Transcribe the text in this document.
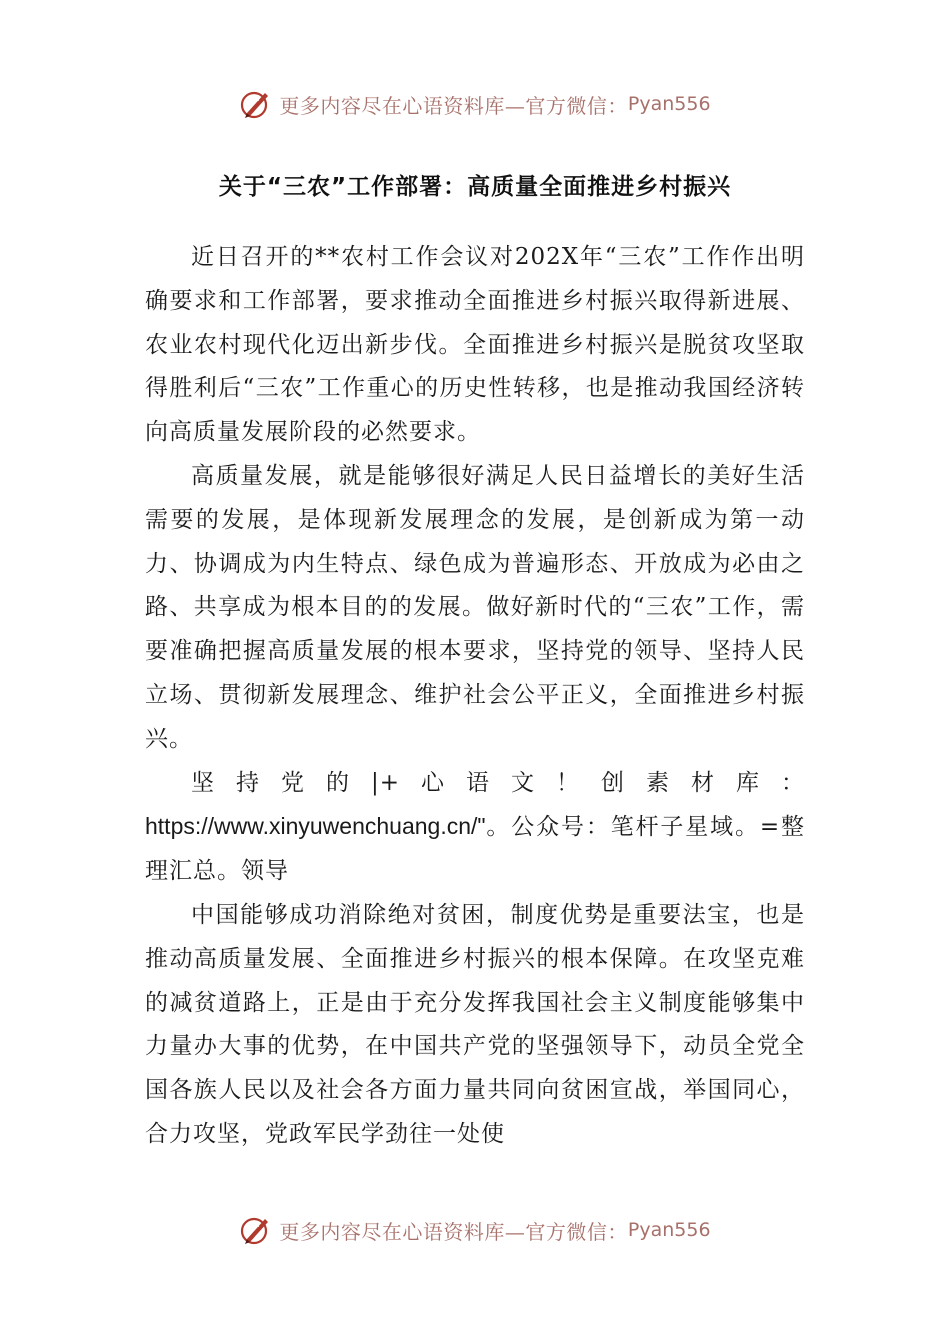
更多内容尽在心语资料库—官方微信： Pyan556
关于“三农”工作部署：高质量全面推进乡村振兴

近日召开的**农村工作会议对202X年“三农”工作作出明确要求和工作部署，要求推动全面推进乡村振兴取得新进展、农业农村现代化迈出新步伐。全面推进乡村振兴是脱贫攻坚取得胜利后“三农”工作重心的历史性转移，也是推动我国经济转向高质量发展阶段的必然要求。

高质量发展，就是能够很好满足人民日益增长的美好生活需要的发展，是体现新发展理念的发展，是创新成为第一动力、协调成为内生特点、绿色成为普遍形态、开放成为必由之路、共享成为根本目的的发展。做好新时代的“三农”工作，需要准确把握高质量发展的根本要求，坚持党的领导、坚持人民立场、贯彻新发展理念、维护社会公平正义，全面推进乡村振兴。

坚持党的|+心语文！创素材库：https://www.xinyuwenchuang.cn/"。公众号：笔杆子星域。=整理汇总。领导

中国能够成功消除绝对贫困，制度优势是重要法宝，也是推动高质量发展、全面推进乡村振兴的根本保障。在攻坚克难的减贫道路上，正是由于充分发挥我国社会主义制度能够集中力量办大事的优势，在中国共产党的坚强领导下，动员全党全国各族人民以及社会各方面力量共同向贫困宣战，举国同心，合力攻坚，党政军民学劲往一处使

更多内容尽在心语资料库—官方微信： Pyan556
